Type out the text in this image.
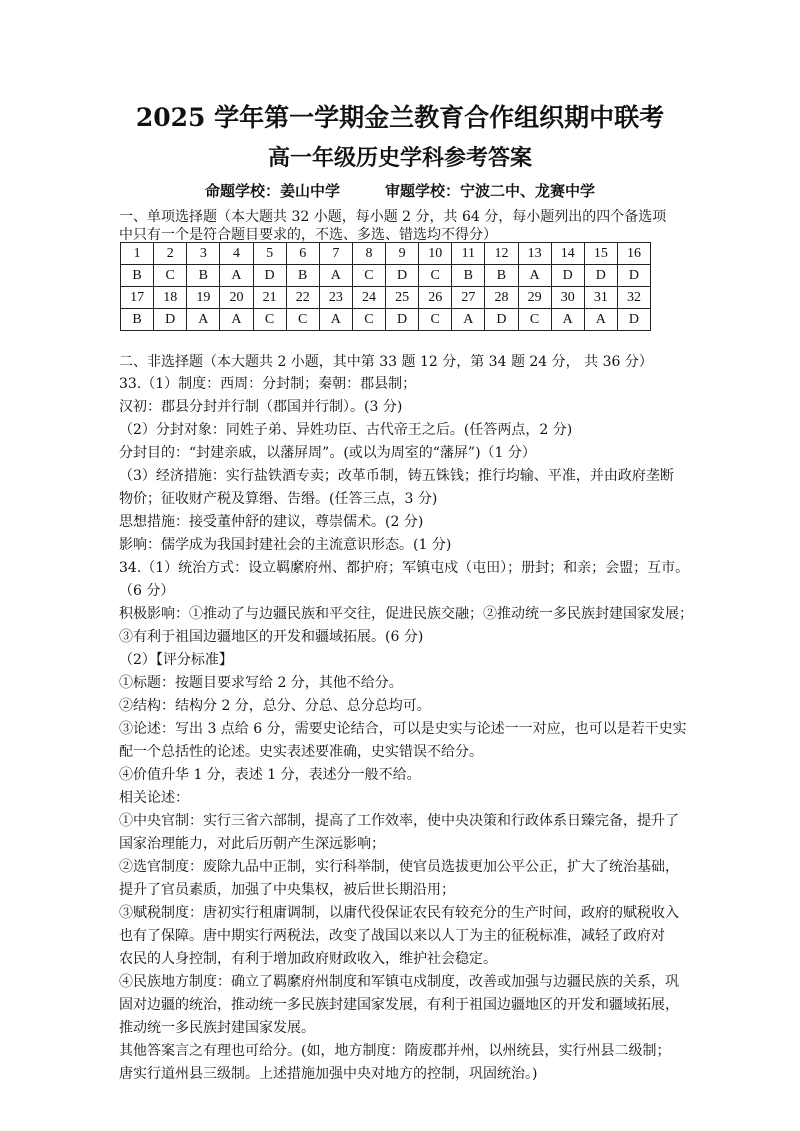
2025 学年第一学期金兰教育合作组织期中联考
高一年级历史学科参考答案
命题学校：姜山中学　　　审题学校：宁波二中、龙赛中学
一、单项选择题（本大题共 32 小题，每小题 2 分，共 64 分，每小题列出的四个备选项
中只有一个是符合题目要求的，不选、多选、错选均不得分）
1	2	3	4	5	6	7	8	9	10	11	12	13	14	15	16
B	C	B	A	D	B	A	C	D	C	B	B	A	D	D	D
17	18	19	20	21	22	23	24	25	26	27	28	29	30	31	32
B	D	A	A	C	C	A	C	D	C	A	D	C	A	A	D
二、非选择题（本大题共 2 小题，其中第 33 题 12 分，第 34 题 24 分， 共 36 分）
33.（1）制度：西周：分封制；秦朝：郡县制；
汉初：郡县分封并行制（郡国并行制）。(3 分)
（2）分封对象：同姓子弟、异姓功臣、古代帝王之后。(任答两点，2 分)
分封目的：“封建亲戚，以藩屏周”。(或以为周室的“藩屏”)（1 分）
（3）经济措施：实行盐铁酒专卖；改革币制，铸五铢钱；推行均输、平准，并由政府垄断
物价；征收财产税及算缗、告缗。(任答三点，3 分)
思想措施：接受董仲舒的建议，尊崇儒术。(2 分)
影响：儒学成为我国封建社会的主流意识形态。(1 分)
34.（1）统治方式：设立羁縻府州、都护府；军镇屯戍（屯田）；册封；和亲；会盟；互市。
（6 分）
积极影响：①推动了与边疆民族和平交往，促进民族交融；②推动统一多民族封建国家发展；
③有利于祖国边疆地区的开发和疆域拓展。(6 分)
（2）【评分标准】
①标题：按题目要求写给 2 分，其他不给分。
②结构：结构分 2 分，总分、分总、总分总均可。
③论述：写出 3 点给 6 分，需要史论结合，可以是史实与论述一一对应，也可以是若干史实
配一个总括性的论述。史实表述要准确，史实错误不给分。
④价值升华 1 分，表述 1 分，表述分一般不给。
相关论述：
①中央官制：实行三省六部制，提高了工作效率，使中央决策和行政体系日臻完备，提升了
国家治理能力，对此后历朝产生深远影响；
②选官制度：废除九品中正制，实行科举制，使官员选拔更加公平公正，扩大了统治基础，
提升了官员素质，加强了中央集权，被后世长期沿用；
③赋税制度：唐初实行租庸调制，以庸代役保证农民有较充分的生产时间，政府的赋税收入
也有了保障。唐中期实行两税法，改变了战国以来以人丁为主的征税标准，减轻了政府对
农民的人身控制，有利于增加政府财政收入，维护社会稳定。
④民族地方制度：确立了羁縻府州制度和军镇屯戍制度，改善或加强与边疆民族的关系，巩
固对边疆的统治，推动统一多民族封建国家发展，有利于祖国边疆地区的开发和疆域拓展，
推动统一多民族封建国家发展。
其他答案言之有理也可给分。(如，地方制度：隋废郡并州，以州统县，实行州县二级制；
唐实行道州县三级制。上述措施加强中央对地方的控制，巩固统治。)
